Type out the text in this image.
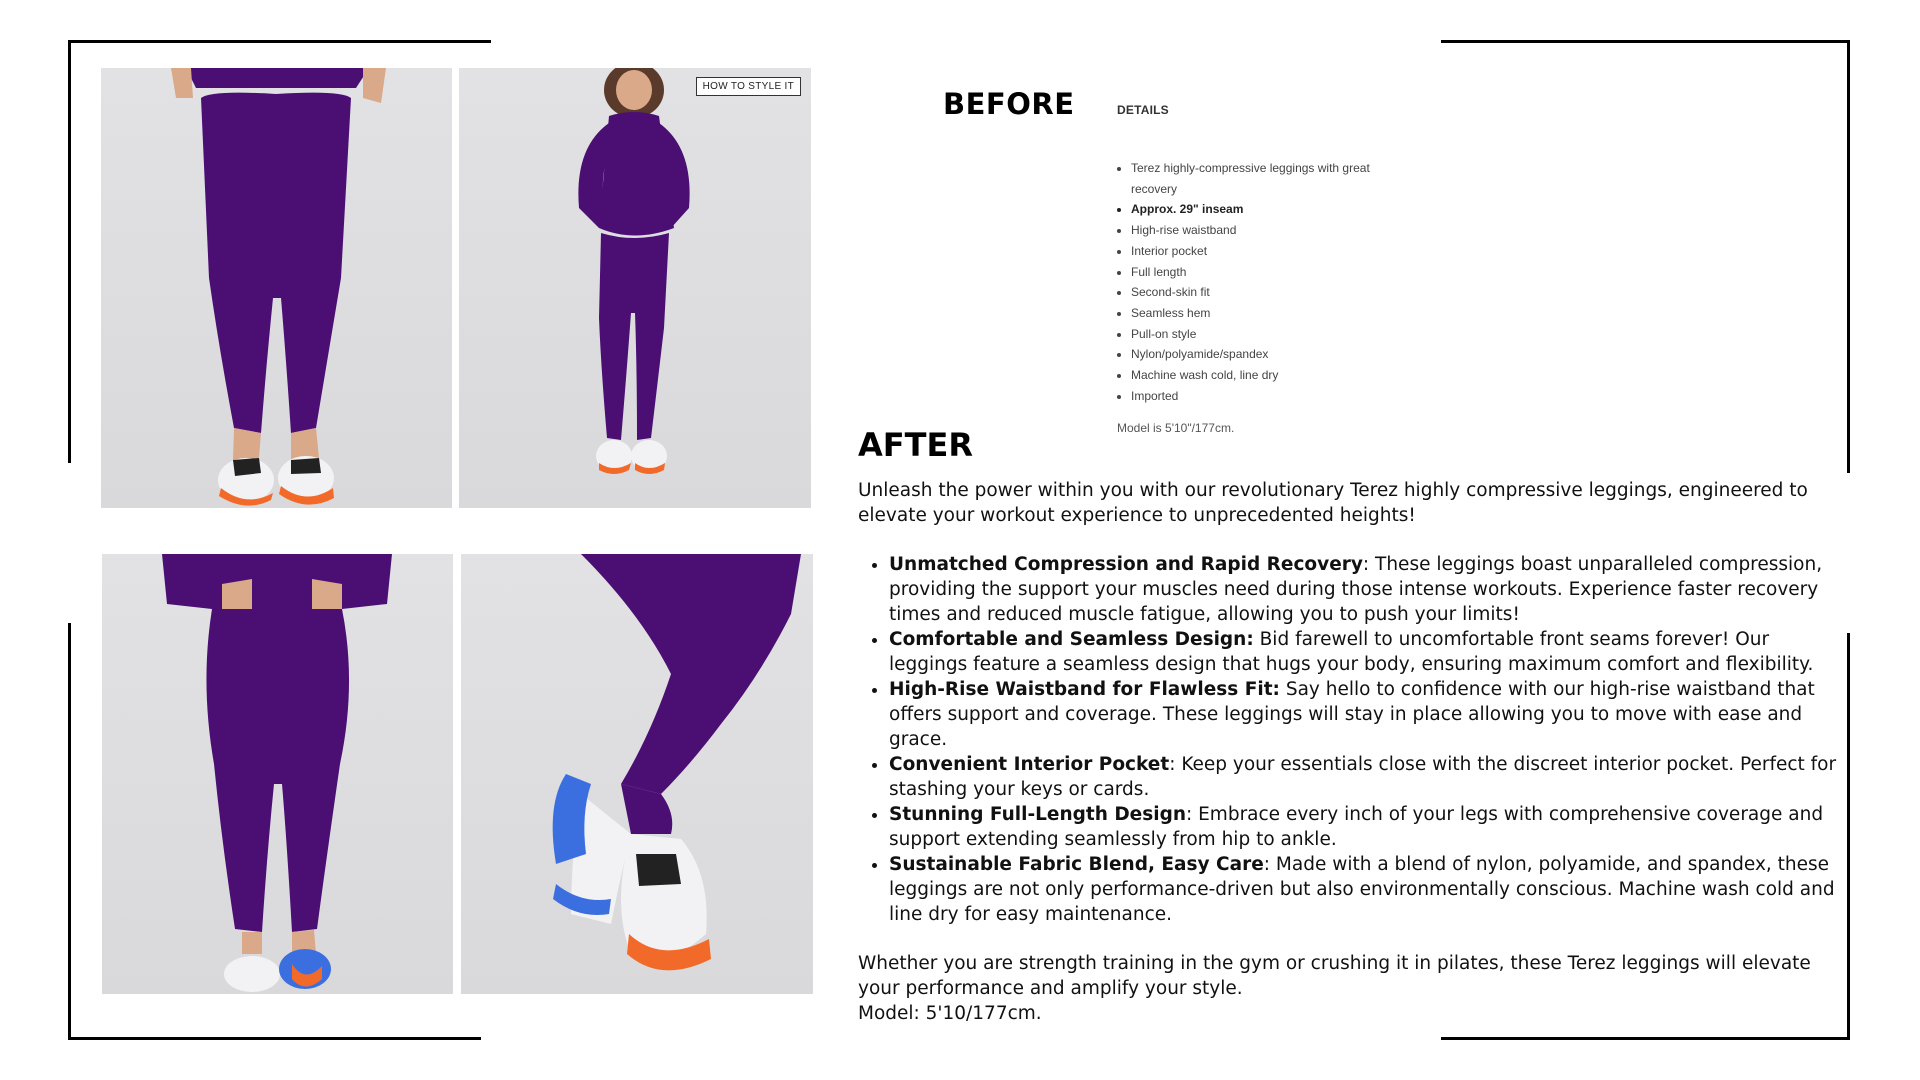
HOW TO STYLE IT
BEFORE	DETAILS
• Terez highly-compressive leggings with great recovery
• Approx. 29" inseam
• High-rise waistband
• Interior pocket
• Full length
• Second-skin fit
• Seamless hem
• Pull-on style
• Nylon/polyamide/spandex
• Machine wash cold, line dry
• Imported
Model is 5'10"/177cm.
AFTER

Unleash the power within you with our revolutionary Terez highly compressive leggings, engineered to elevate your workout experience to unprecedented heights!

• Unmatched Compression and Rapid Recovery: These leggings boast unparalleled compression, providing the support your muscles need during those intense workouts. Experience faster recovery times and reduced muscle fatigue, allowing you to push your limits!
• Comfortable and Seamless Design: Bid farewell to uncomfortable front seams forever! Our leggings feature a seamless design that hugs your body, ensuring maximum comfort and flexibility.
• High-Rise Waistband for Flawless Fit: Say hello to confidence with our high-rise waistband that offers support and coverage. These leggings will stay in place allowing you to move with ease and grace.
• Convenient Interior Pocket: Keep your essentials close with the discreet interior pocket. Perfect for stashing your keys or cards.
• Stunning Full-Length Design: Embrace every inch of your legs with comprehensive coverage and support extending seamlessly from hip to ankle.
• Sustainable Fabric Blend, Easy Care: Made with a blend of nylon, polyamide, and spandex, these leggings are not only performance-driven but also environmentally conscious. Machine wash cold and line dry for easy maintenance.

Whether you are strength training in the gym or crushing it in pilates, these Terez leggings will elevate your performance and amplify your style.

Model: 5'10/177cm.
